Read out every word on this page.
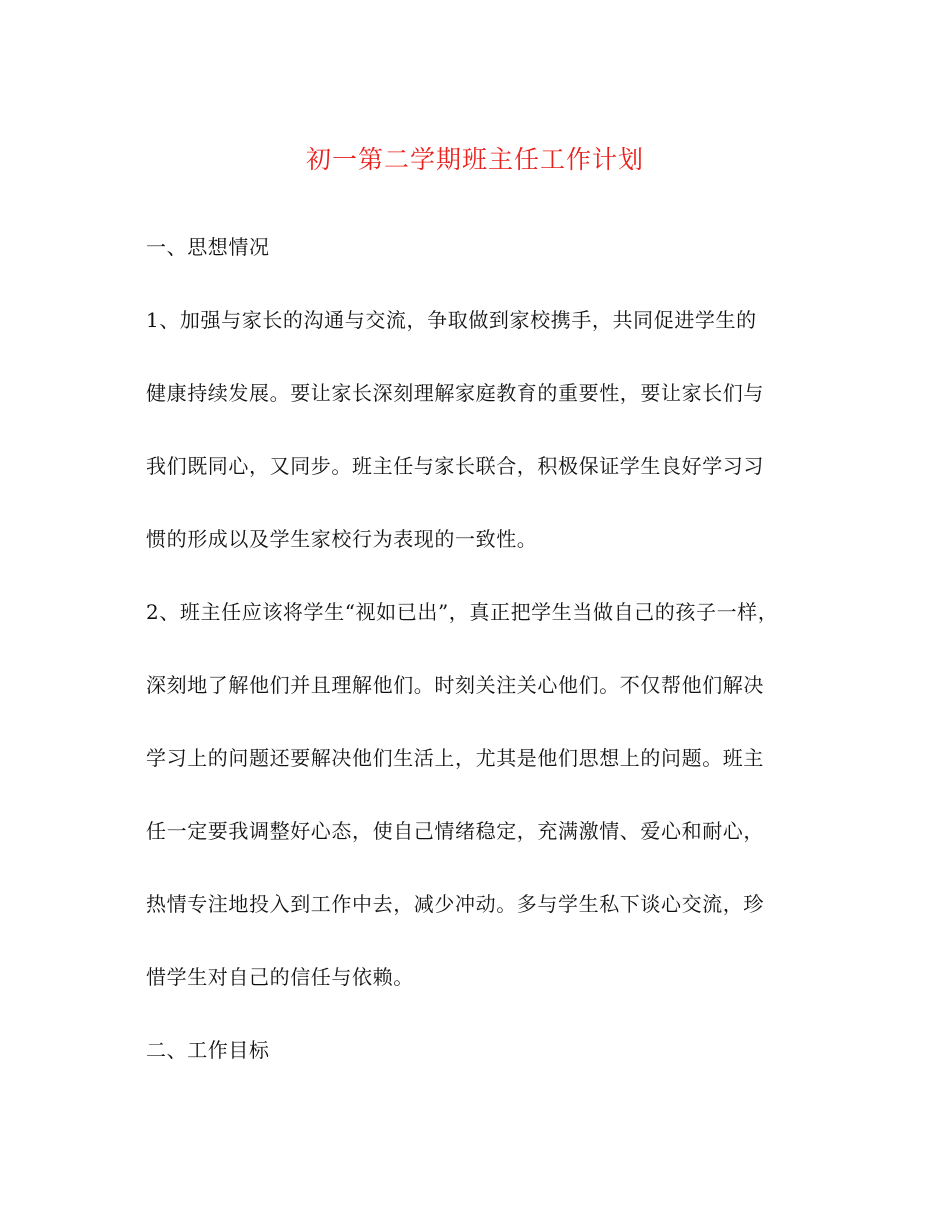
初一第二学期班主任工作计划
一、思想情况
1、加强与家长的沟通与交流，争取做到家校携手，共同促进学生的
健康持续发展。要让家长深刻理解家庭教育的重要性，要让家长们与
我们既同心，又同步。班主任与家长联合，积极保证学生良好学习习
惯的形成以及学生家校行为表现的一致性。
2、班主任应该将学生“视如已出”，真正把学生当做自己的孩子一样，
深刻地了解他们并且理解他们。时刻关注关心他们。不仅帮他们解决
学习上的问题还要解决他们生活上，尤其是他们思想上的问题。班主
任一定要我调整好心态，使自己情绪稳定，充满激情、爱心和耐心，
热情专注地投入到工作中去，减少冲动。多与学生私下谈心交流，珍
惜学生对自己的信任与依赖。
二、工作目标
